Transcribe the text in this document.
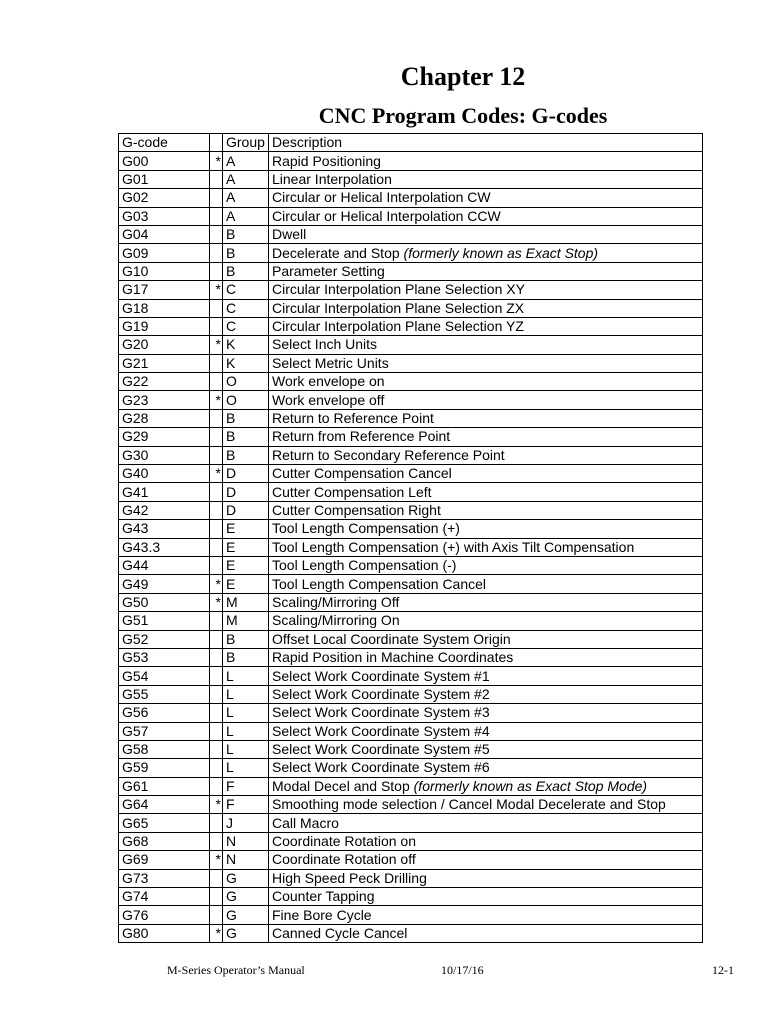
Chapter 12
CNC Program Codes: G-codes
G-code		Group	Description
G00	*	A	Rapid Positioning
G01		A	Linear Interpolation
G02		A	Circular or Helical Interpolation CW
G03		A	Circular or Helical Interpolation CCW
G04		B	Dwell
G09		B	Decelerate and Stop (formerly known as Exact Stop)
G10		B	Parameter Setting
G17	*	C	Circular Interpolation Plane Selection XY
G18		C	Circular Interpolation Plane Selection ZX
G19		C	Circular Interpolation Plane Selection YZ
G20	*	K	Select Inch Units
G21		K	Select Metric Units
G22		O	Work envelope on
G23	*	O	Work envelope off
G28		B	Return to Reference Point
G29		B	Return from Reference Point
G30		B	Return to Secondary Reference Point
G40	*	D	Cutter Compensation Cancel
G41		D	Cutter Compensation Left
G42		D	Cutter Compensation Right
G43		E	Tool Length Compensation (+)
G43.3		E	Tool Length Compensation (+) with Axis Tilt Compensation
G44		E	Tool Length Compensation (-)
G49	*	E	Tool Length Compensation Cancel
G50	*	M	Scaling/Mirroring Off
G51		M	Scaling/Mirroring On
G52		B	Offset Local Coordinate System Origin
G53		B	Rapid Position in Machine Coordinates
G54		L	Select Work Coordinate System #1
G55		L	Select Work Coordinate System #2
G56		L	Select Work Coordinate System #3
G57		L	Select Work Coordinate System #4
G58		L	Select Work Coordinate System #5
G59		L	Select Work Coordinate System #6
G61		F	Modal Decel and Stop (formerly known as Exact Stop Mode)
G64	*	F	Smoothing mode selection / Cancel Modal Decelerate and Stop
G65		J	Call Macro
G68		N	Coordinate Rotation on
G69	*	N	Coordinate Rotation off
G73		G	High Speed Peck Drilling
G74		G	Counter Tapping
G76		G	Fine Bore Cycle
G80	*	G	Canned Cycle Cancel
M-Series Operator’s Manual	10/17/16	12-1
